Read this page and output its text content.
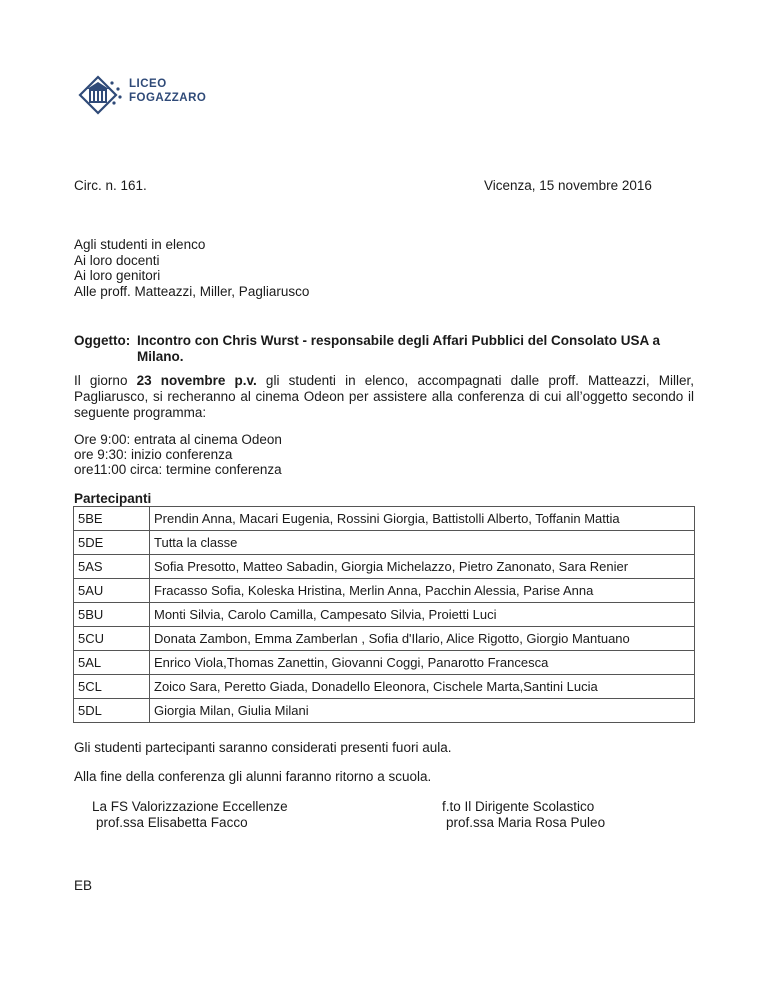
LICEO
FOGAZZARO
Circ. n. 161.	Vicenza, 15 novembre 2016
Agli studenti in elenco
Ai loro docenti
Ai loro genitori
Alle proff. Matteazzi, Miller, Pagliarusco
Oggetto: Incontro con Chris Wurst - responsabile degli Affari Pubblici del Consolato USA a
Milano.
Il giorno 23 novembre p.v. gli studenti in elenco, accompagnati dalle proff. Matteazzi, Miller, Pagliarusco, si recheranno al cinema Odeon per assistere alla conferenza di cui all’oggetto secondo il seguente programma:
Ore 9:00: entrata al cinema Odeon
ore 9:30: inizio conferenza
ore11:00 circa: termine conferenza
Partecipanti
5BE	Prendin Anna, Macari Eugenia, Rossini Giorgia, Battistolli Alberto, Toffanin Mattia
5DE	Tutta la classe
5AS	Sofia Presotto, Matteo Sabadin, Giorgia Michelazzo, Pietro Zanonato, Sara Renier
5AU	Fracasso Sofia, Koleska Hristina, Merlin Anna, Pacchin Alessia, Parise Anna
5BU	Monti Silvia, Carolo Camilla, Campesato Silvia, Proietti Luci
5CU	Donata Zambon, Emma Zamberlan , Sofia d'Ilario, Alice Rigotto, Giorgio Mantuano
5AL	Enrico Viola,Thomas Zanettin, Giovanni Coggi, Panarotto Francesca
5CL	Zoico Sara, Peretto Giada, Donadello Eleonora, Cischele Marta,Santini Lucia
5DL	Giorgia Milan, Giulia Milani
Gli studenti partecipanti saranno considerati presenti fuori aula.
Alla fine della conferenza gli alunni faranno ritorno a scuola.
La FS Valorizzazione Eccellenze
prof.ssa Elisabetta Facco
f.to Il Dirigente Scolastico
prof.ssa Maria Rosa Puleo
EB
